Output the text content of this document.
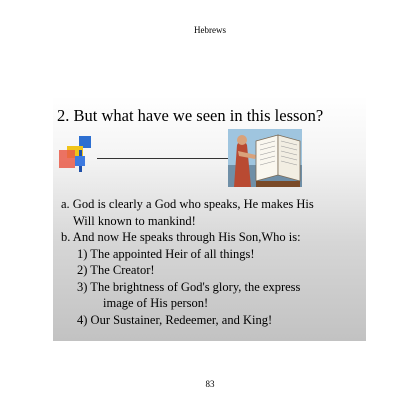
Hebrews
2. But what have we seen in this lesson?
a. God is clearly a God who speaks, He makes His
Will known to mankind!
b. And now He speaks through His Son,Who is:
1) The appointed Heir of all things!
2) The Creator!
3) The brightness of God's glory, the express
image of His person!
4) Our Sustainer, Redeemer, and King!
83
